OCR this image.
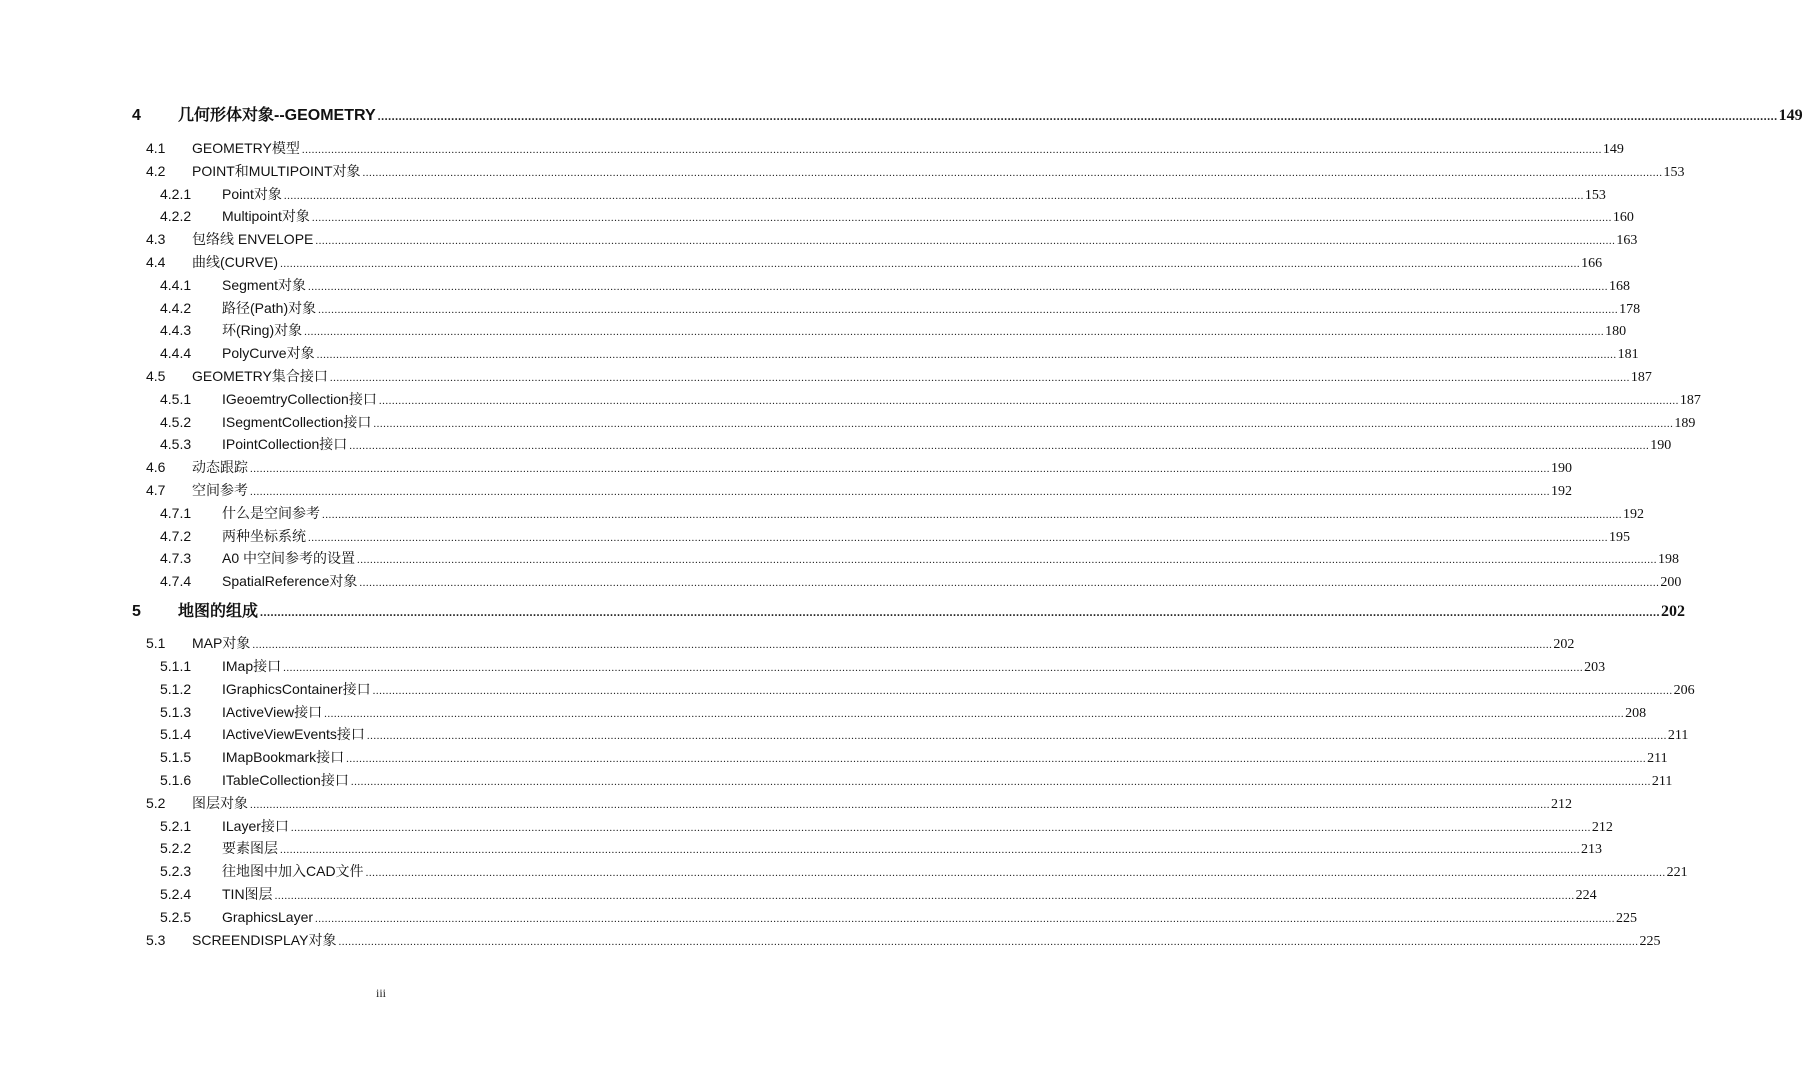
4 几何形体对象--GEOMETRY ................................................................................................................................................................................................................................................................................................................................................................................................................ 149
4.1 GEOMETRY模型 ................................................................................................................................................................................................................................................................................................................................................................................................................ 149
4.2 POINT和MULTIPOINT对象 ................................................................................................................................................................................................................................................................................................................................................................................................................ 153
4.2.1 Point对象 ................................................................................................................................................................................................................................................................................................................................................................................................................ 153
4.2.2 Multipoint对象 ................................................................................................................................................................................................................................................................................................................................................................................................................ 160
4.3 包络线 ENVELOPE ................................................................................................................................................................................................................................................................................................................................................................................................................ 163
4.4 曲线(CURVE) ................................................................................................................................................................................................................................................................................................................................................................................................................ 166
4.4.1 Segment对象 ................................................................................................................................................................................................................................................................................................................................................................................................................ 168
4.4.2 路径(Path)对象 ................................................................................................................................................................................................................................................................................................................................................................................................................ 178
4.4.3 环(Ring)对象 ................................................................................................................................................................................................................................................................................................................................................................................................................ 180
4.4.4 PolyCurve对象 ................................................................................................................................................................................................................................................................................................................................................................................................................ 181
4.5 GEOMETRY集合接口 ................................................................................................................................................................................................................................................................................................................................................................................................................ 187
4.5.1 IGeoemtryCollection接口 ................................................................................................................................................................................................................................................................................................................................................................................................................ 187
4.5.2 ISegmentCollection接口 ................................................................................................................................................................................................................................................................................................................................................................................................................ 189
4.5.3 IPointCollection接口 ................................................................................................................................................................................................................................................................................................................................................................................................................ 190
4.6 动态跟踪 ................................................................................................................................................................................................................................................................................................................................................................................................................ 190
4.7 空间参考 ................................................................................................................................................................................................................................................................................................................................................................................................................ 192
4.7.1 什么是空间参考 ................................................................................................................................................................................................................................................................................................................................................................................................................ 192
4.7.2 两种坐标系统 ................................................................................................................................................................................................................................................................................................................................................................................................................ 195
4.7.3 A0 中空间参考的设置 ................................................................................................................................................................................................................................................................................................................................................................................................................ 198
4.7.4 SpatialReference对象 ................................................................................................................................................................................................................................................................................................................................................................................................................ 200
5 地图的组成 ................................................................................................................................................................................................................................................................................................................................................................................................................ 202
5.1 MAP对象 ................................................................................................................................................................................................................................................................................................................................................................................................................ 202
5.1.1 IMap接口 ................................................................................................................................................................................................................................................................................................................................................................................................................ 203
5.1.2 IGraphicsContainer接口 ................................................................................................................................................................................................................................................................................................................................................................................................................ 206
5.1.3 IActiveView接口 ................................................................................................................................................................................................................................................................................................................................................................................................................ 208
5.1.4 IActiveViewEvents接口 ................................................................................................................................................................................................................................................................................................................................................................................................................ 211
5.1.5 IMapBookmark接口 ................................................................................................................................................................................................................................................................................................................................................................................................................ 211
5.1.6 ITableCollection接口 ................................................................................................................................................................................................................................................................................................................................................................................................................ 211
5.2 图层对象 ................................................................................................................................................................................................................................................................................................................................................................................................................ 212
5.2.1 ILayer接口 ................................................................................................................................................................................................................................................................................................................................................................................................................ 212
5.2.2 要素图层 ................................................................................................................................................................................................................................................................................................................................................................................................................ 213
5.2.3 往地图中加入CAD文件 ................................................................................................................................................................................................................................................................................................................................................................................................................ 221
5.2.4 TIN图层 ................................................................................................................................................................................................................................................................................................................................................................................................................ 224
5.2.5 GraphicsLayer ................................................................................................................................................................................................................................................................................................................................................................................................................ 225
5.3 SCREENDISPLAY对象 ................................................................................................................................................................................................................................................................................................................................................................................................................ 225
iii
